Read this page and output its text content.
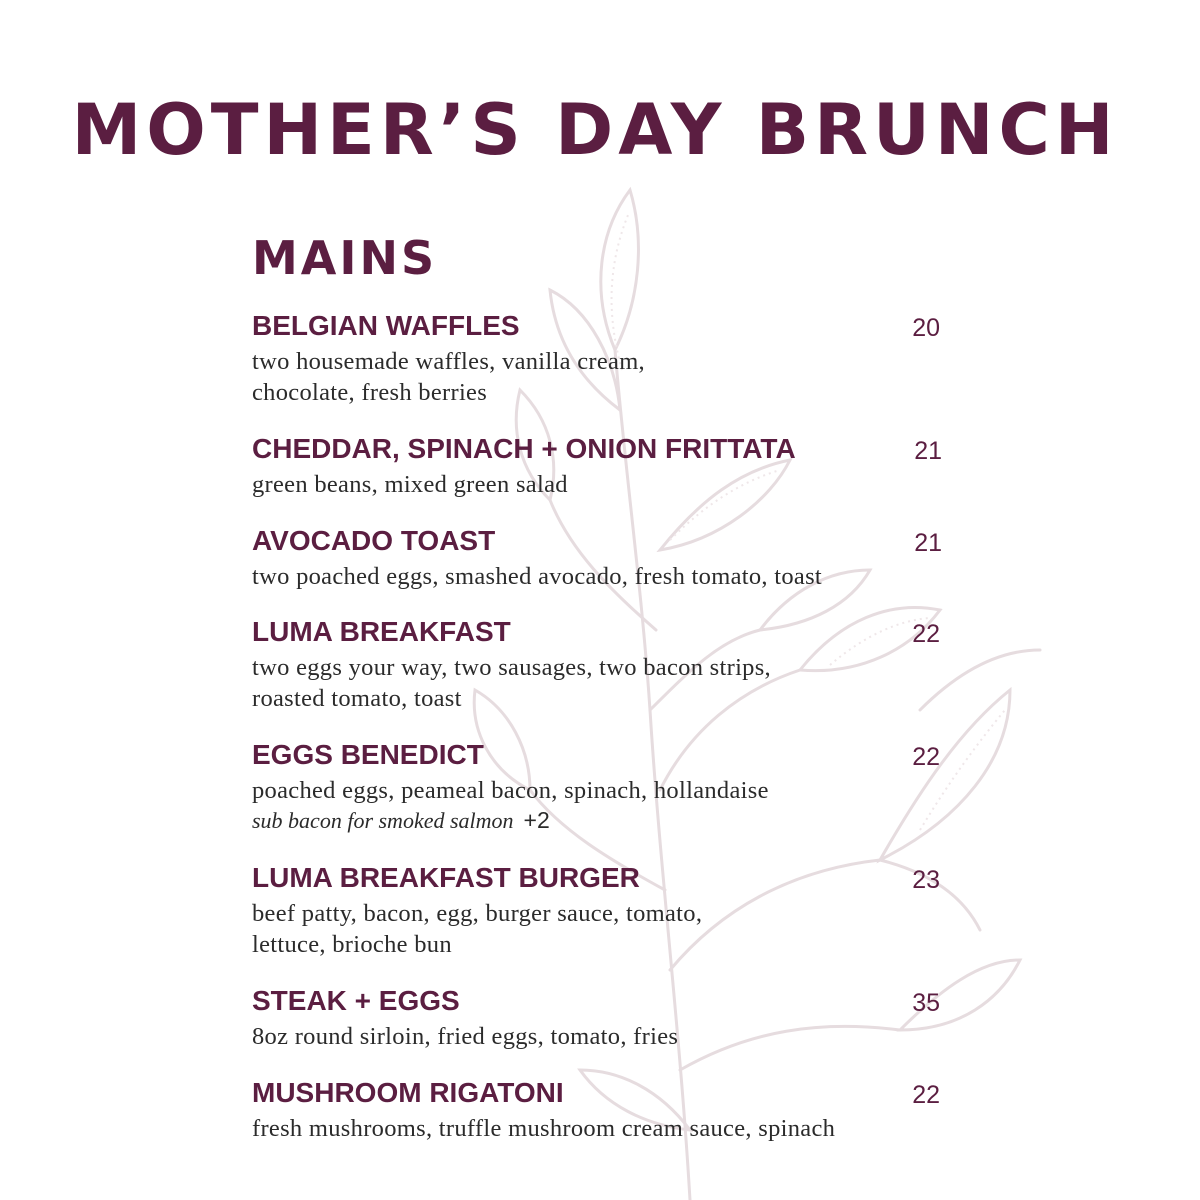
MOTHER’S DAY BRUNCH
MAINS
BELGIAN WAFFLES	20
two housemade waffles, vanilla cream,
chocolate, fresh berries
CHEDDAR, SPINACH + ONION FRITTATA	21
green beans, mixed green salad
AVOCADO TOAST	21
two poached eggs, smashed avocado, fresh tomato, toast
LUMA BREAKFAST	22
two eggs your way, two sausages, two bacon strips,
roasted tomato, toast
EGGS BENEDICT	22
poached eggs, peameal bacon, spinach, hollandaise
sub bacon for smoked salmon +2
LUMA BREAKFAST BURGER	23
beef patty, bacon, egg, burger sauce, tomato,
lettuce, brioche bun
STEAK + EGGS	35
8oz round sirloin, fried eggs, tomato, fries
MUSHROOM RIGATONI	22
fresh mushrooms, truffle mushroom cream sauce, spinach
